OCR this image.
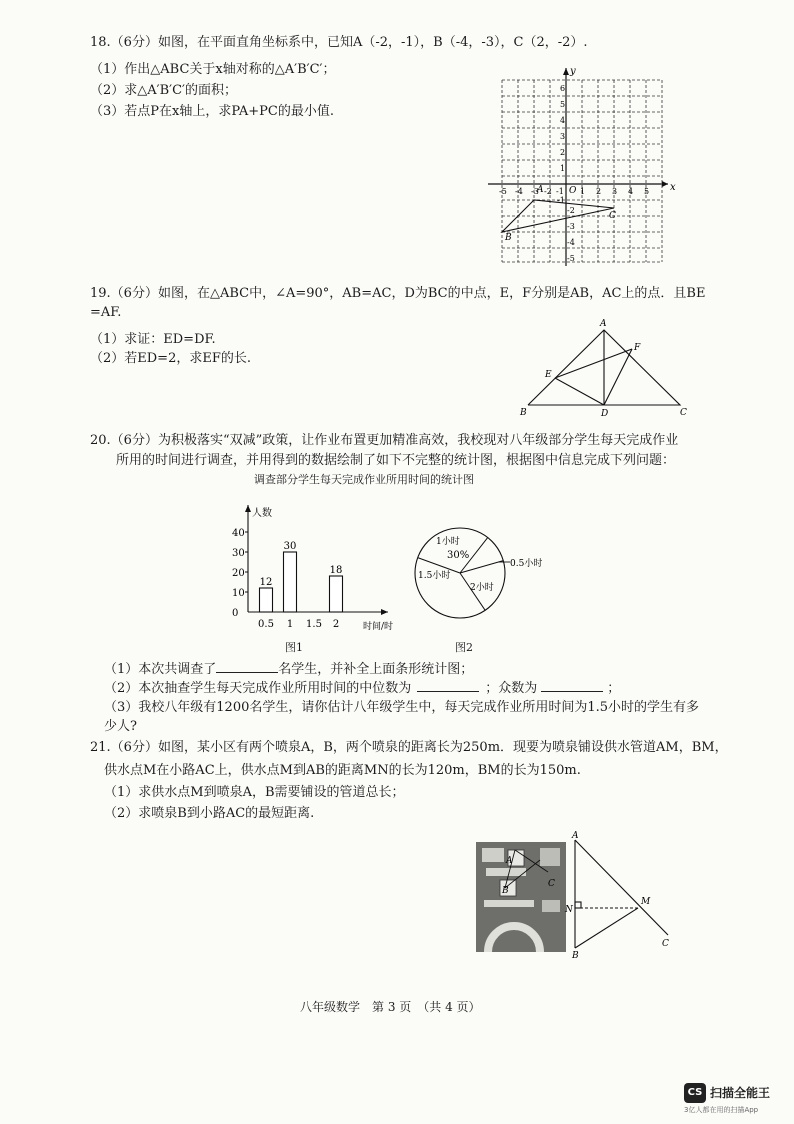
18.（6分）如图，在平面直角坐标系中，已知A（-2，-1），B（-4，-3），C（2，-2）.
（1）作出△ABC关于x轴对称的△A′B′C′；
（2）求△A′B′C′的面积；
（3）若点P在x轴上，求PA+PC的最小值.
x
y
O
-5 -4 -3 -2 -1 1 2 3 4 5
6
5
4
3
2
1
-1
-2
-3
-4
-5
A
B
C
19.（6分）如图，在△ABC中，∠A=90°，AB=AC，D为BC的中点，E，F分别是AB，AC上的点．且BE
=AF.
（1）求证：ED=DF.
（2）若ED=2，求EF的长.
A
B	C
D
E
F
20.（6分）为积极落实“双减”政策，让作业布置更加精准高效，我校现对八年级部分学生每天完成作业
所用的时间进行调查，并用得到的数据绘制了如下不完整的统计图，根据图中信息完成下列问题：
调查部分学生每天完成作业所用时间的统计图
人数
时间/时
0
10
20
30
40
0.5
12
1
30
1.5 2
18
图1
1小时
30%
0.5小时
2小时
1.5小时
图2
（1）本次共调查了	名学生，并补全上面条形统计图；
（2）本次抽查学生每天完成作业所用时间的中位数为	；众数为	；
（3）我校八年级有1200名学生，请你估计八年级学生中，每天完成作业所用时间为1.5小时的学生有多
少人?
21.（6分）如图，某小区有两个喷泉A，B，两个喷泉的距离长为250m．现要为喷泉铺设供水管道AM，BM，
供水点M在小路AC上，供水点M到AB的距离MN的长为120m，BM的长为150m.
（1）求供水点M到喷泉A，B需要铺设的管道总长；
（2）求喷泉B到小路AC的最短距离.
A
B
C
A
B
C
M
N
八年级数学　第 3 页　（共 4 页）
CS 扫描全能王
3亿人都在用的扫描App
